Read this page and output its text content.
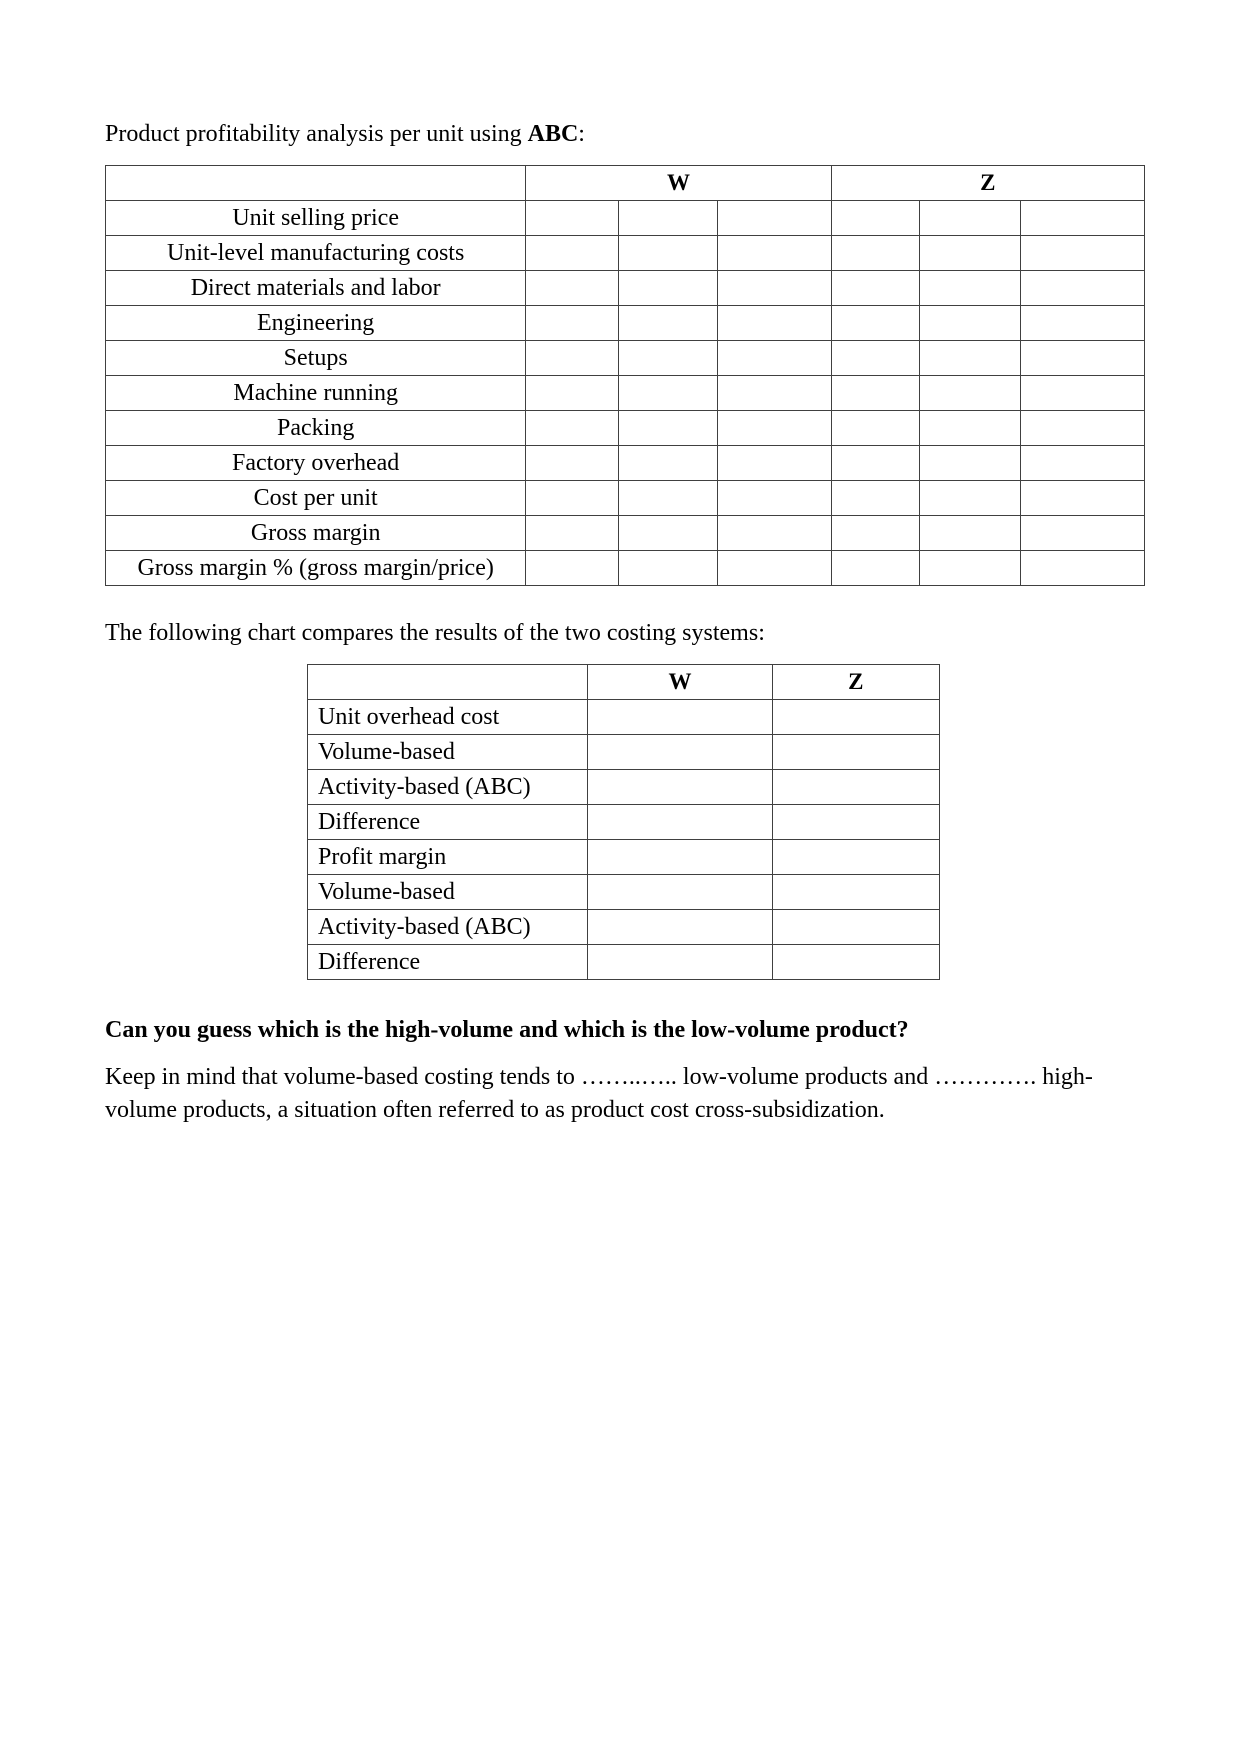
Product profitability analysis per unit using ABC:

	W			Z		
Unit selling price						
Unit-level manufacturing costs						
Direct materials and labor						
Engineering						
Setups						
Machine running						
Packing						
Factory overhead						
Cost per unit						
Gross margin						
Gross margin % (gross margin/price)						

The following chart compares the results of the two costing systems:

	W	Z
Unit overhead cost		
Volume-based		
Activity-based (ABC)		
Difference		
Profit margin		
Volume-based		
Activity-based (ABC)		
Difference		

Can you guess which is the high-volume and which is the low-volume product?

Keep in mind that volume-based costing tends to ……..….. low-volume products and …………. high-volume products, a situation often referred to as product cost cross-subsidization.
